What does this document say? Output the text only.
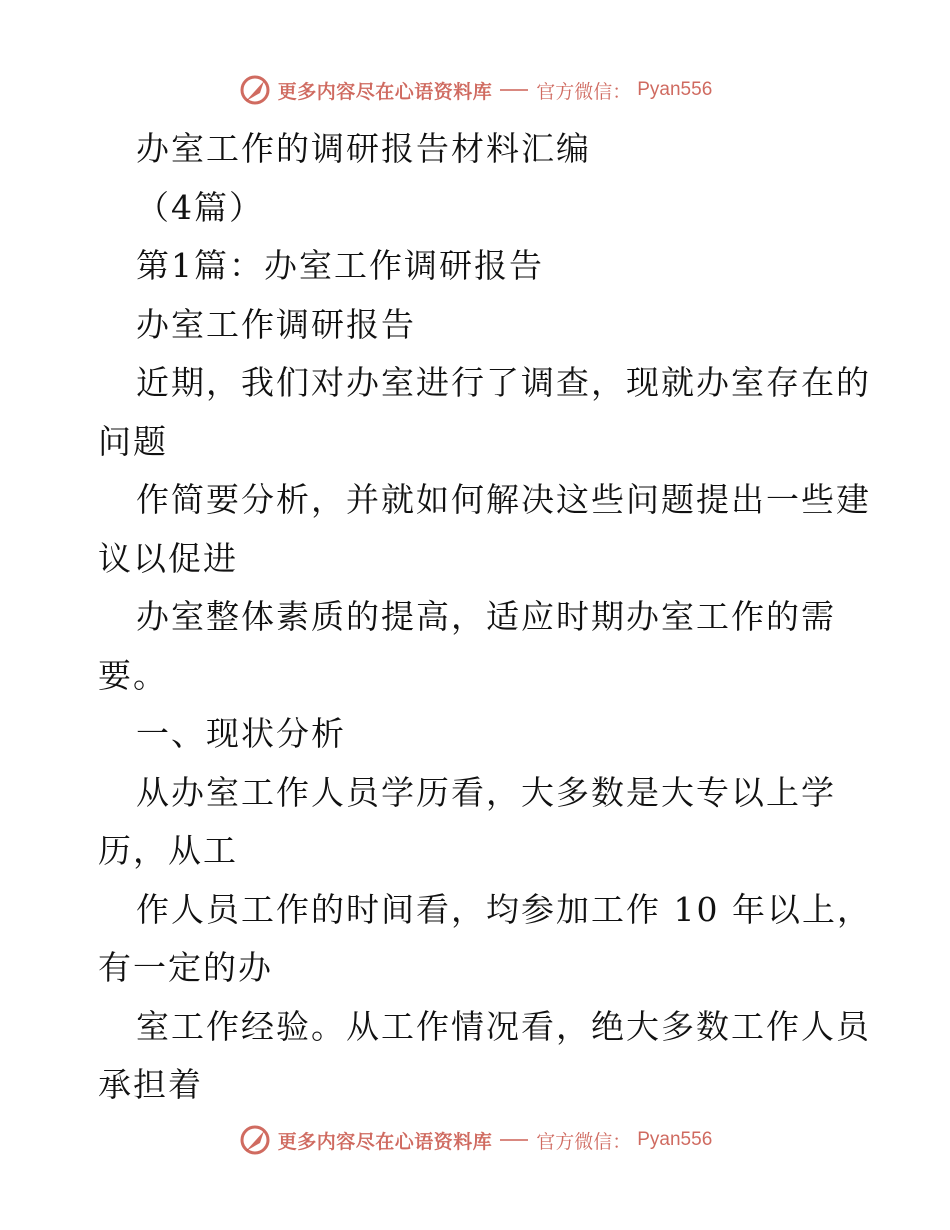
更多内容尽在心语资料库 官方微信： Pyan556
办室工作的调研报告材料汇编
（4篇）
第1篇：办室工作调研报告
办室工作调研报告
近期，我们对办室进行了调查，现就办室存在的
问题
作简要分析，并就如何解决这些问题提出一些建
议以促进
办室整体素质的提高，适应时期办室工作的需
要。
一、现状分析
从办室工作人员学历看，大多数是大专以上学
历，从工
作人员工作的时间看，均参加工作 10 年以上，
有一定的办
室工作经验。从工作情况看，绝大多数工作人员
承担着
更多内容尽在心语资料库 官方微信： Pyan556
